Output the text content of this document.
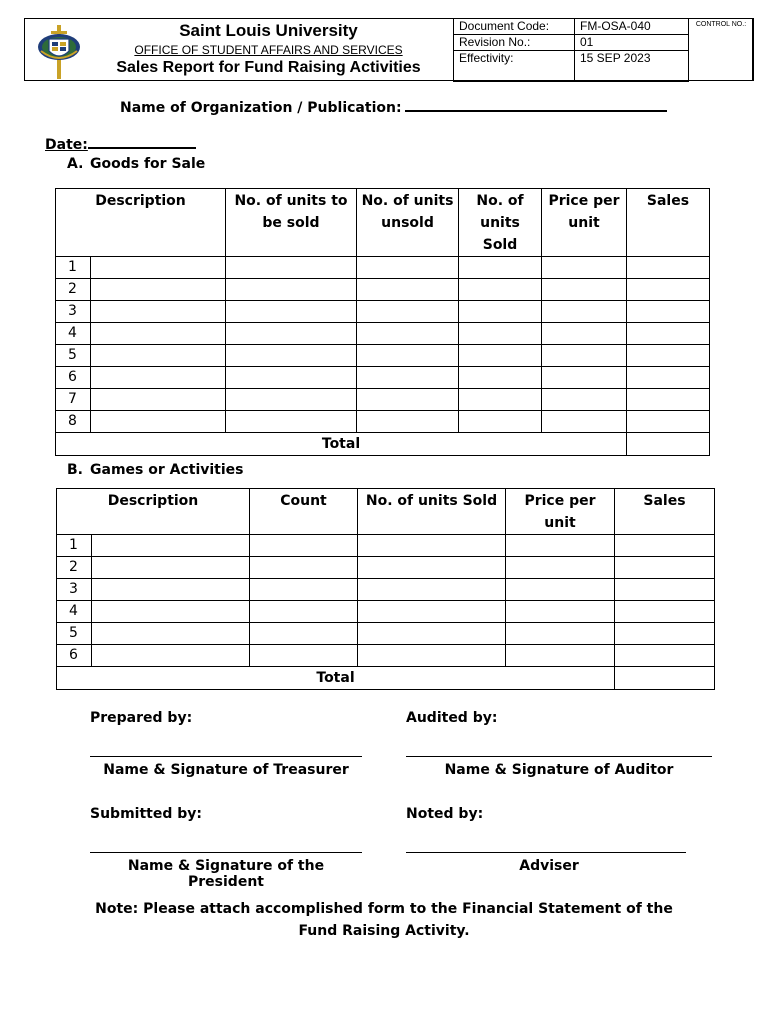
Saint Louis University
OFFICE OF STUDENT AFFAIRS AND SERVICES
Sales Report for Fund Raising Activities
Document Code:	FM-OSA-040
Revision No.:	01
Effectivity:	15 SEP 2023
CONTROL NO.:
Name of Organization / Publication:
Date:
A. Goods for Sale
Description		No. of units to be sold	No. of units unsold	No. of units Sold	Price per unit	Sales
1						
2						
3						
4						
5						
6						
7						
8						
Total						
B. Games or Activities
Description		Count	No. of units Sold	Price per unit	Sales
1					
2					
3					
4					
5					
6					
Total					
Prepared by:
Name & Signature of Treasurer
Audited by:
Name & Signature of Auditor
Submitted by:
Name & Signature of the President
Noted by:
Adviser
Note: Please attach accomplished form to the Financial Statement of the Fund Raising Activity.
